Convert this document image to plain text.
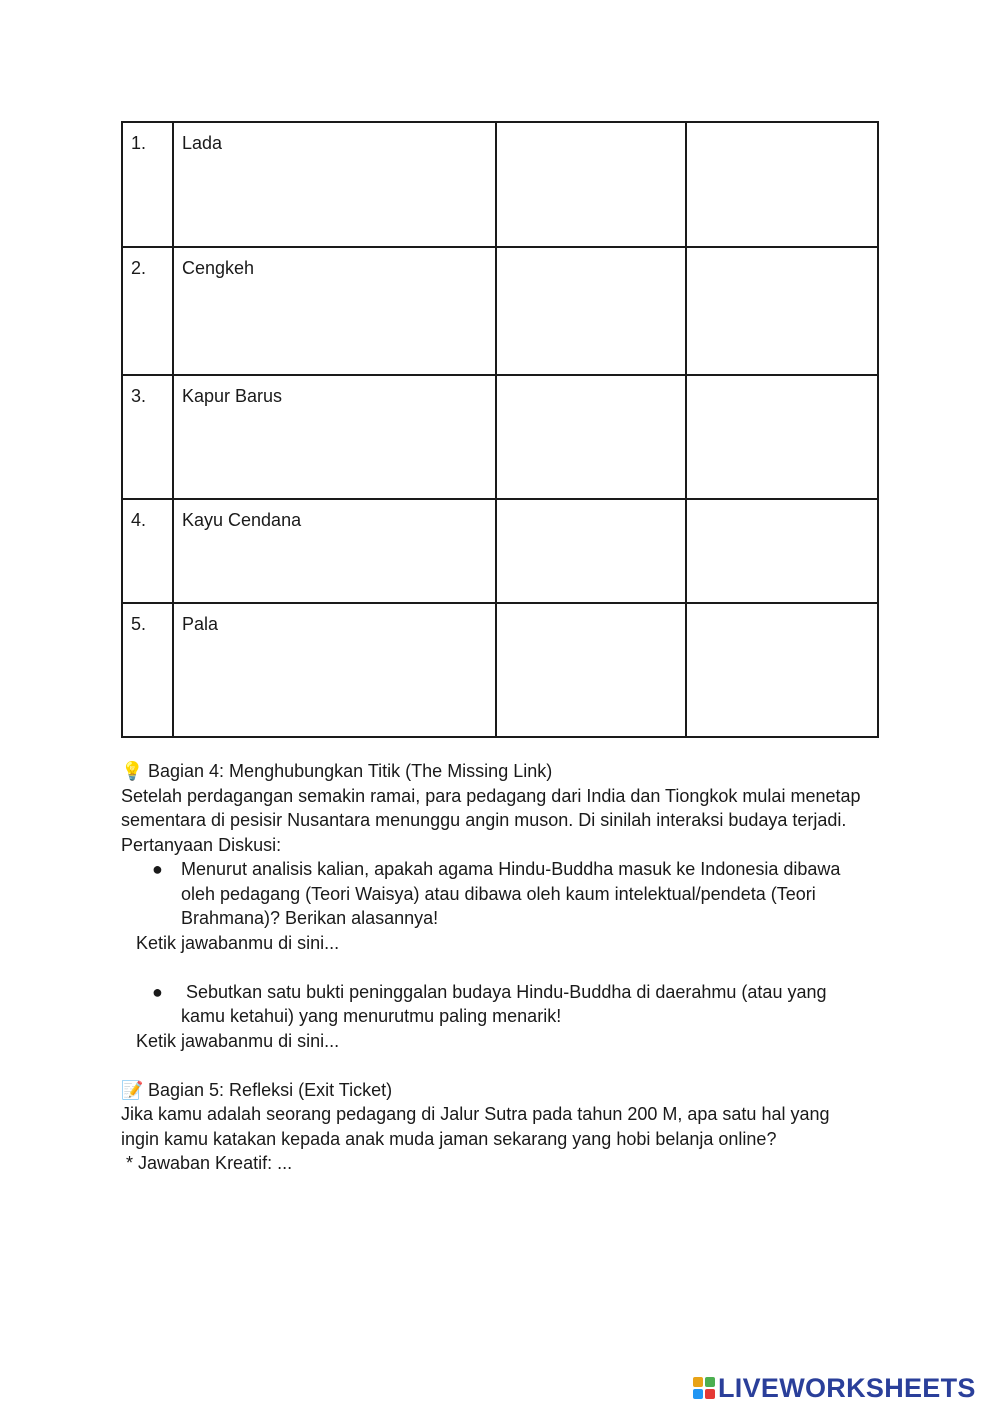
1.	Lada		
2.	Cengkeh		
3.	Kapur Barus		
4.	Kayu Cendana		
5.	Pala		
💡 Bagian 4: Menghubungkan Titik (The Missing Link)
Setelah perdagangan semakin ramai, para pedagang dari India dan Tiongkok mulai menetap sementara di pesisir Nusantara menunggu angin muson. Di sinilah interaksi budaya terjadi.
Pertanyaan Diskusi:
● Menurut analisis kalian, apakah agama Hindu-Buddha masuk ke Indonesia dibawa oleh pedagang (Teori Waisya) atau dibawa oleh kaum intelektual/pendeta (Teori Brahmana)? Berikan alasannya!
Ketik jawabanmu di sini...
● Sebutkan satu bukti peninggalan budaya Hindu-Buddha di daerahmu (atau yang kamu ketahui) yang menurutmu paling menarik!
Ketik jawabanmu di sini...
📝 Bagian 5: Refleksi (Exit Ticket)
Jika kamu adalah seorang pedagang di Jalur Sutra pada tahun 200 M, apa satu hal yang ingin kamu katakan kepada anak muda jaman sekarang yang hobi belanja online?
* Jawaban Kreatif: ...
LIVEWORKSHEETS
